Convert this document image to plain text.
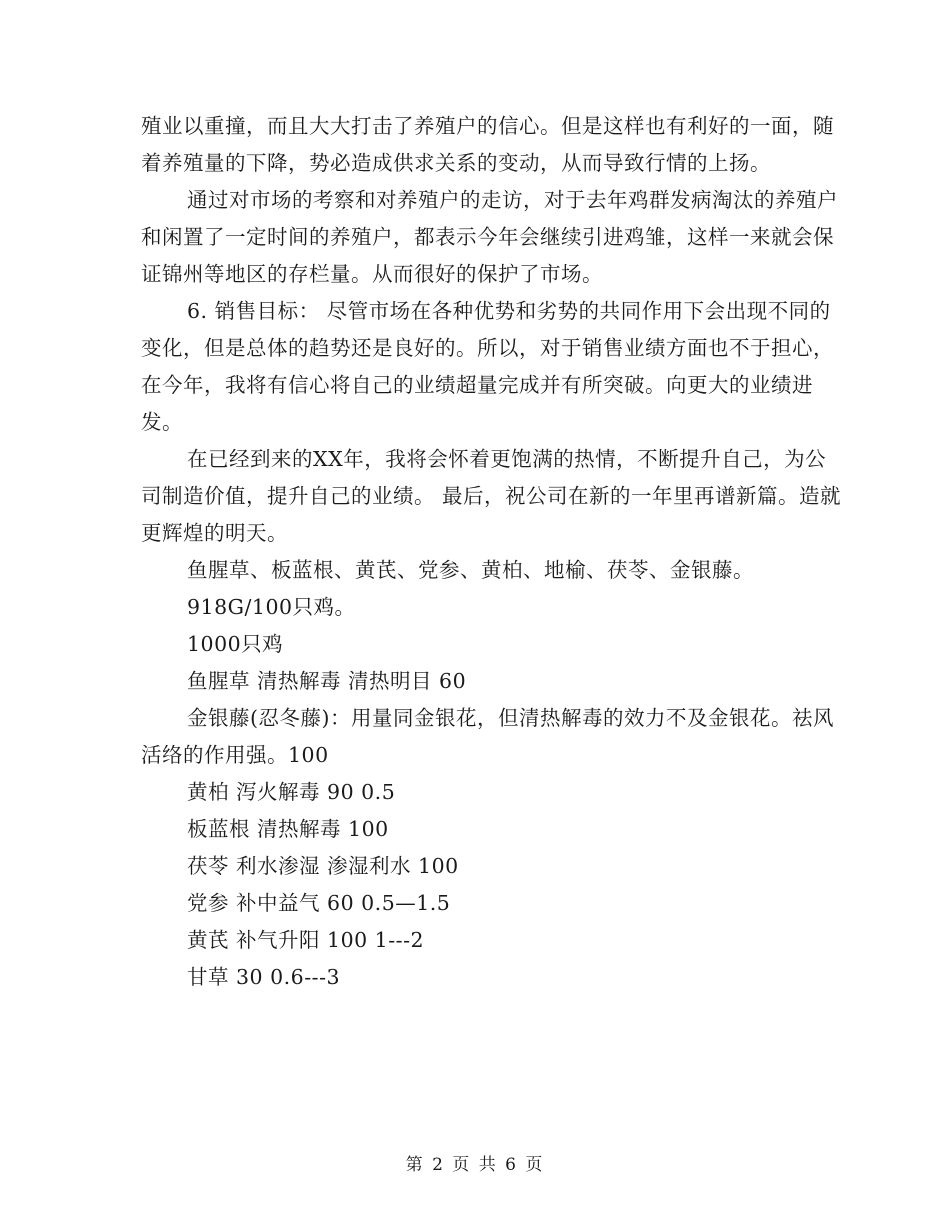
殖业以重撞，而且大大打击了养殖户的信心。但是这样也有利好的一面，随着养殖量的下降，势必造成供求关系的变动，从而导致行情的上扬。

通过对市场的考察和对养殖户的走访，对于去年鸡群发病淘汰的养殖户和闲置了一定时间的养殖户，都表示今年会继续引进鸡雏，这样一来就会保证锦州等地区的存栏量。从而很好的保护了市场。

6. 销售目标： 尽管市场在各种优势和劣势的共同作用下会出现不同的变化，但是总体的趋势还是良好的。所以，对于销售业绩方面也不于担心，在今年，我将有信心将自己的业绩超量完成并有所突破。向更大的业绩进发。

在已经到来的XX年，我将会怀着更饱满的热情，不断提升自己，为公司制造价值，提升自己的业绩。 最后，祝公司在新的一年里再谱新篇。造就更辉煌的明天。

鱼腥草、板蓝根、黄芪、党参、黄柏、地榆、茯苓、金银藤。

918G/100只鸡。

1000只鸡

鱼腥草 清热解毒 清热明目 60

金银藤(忍冬藤)：用量同金银花，但清热解毒的效力不及金银花。祛风活络的作用强。100

黄柏 泻火解毒 90 0.5

板蓝根 清热解毒 100

茯苓 利水渗湿 渗湿利水 100

党参 补中益气 60 0.5—1.5

黄芪 补气升阳 100 1---2

甘草 30 0.6---3

第 2 页 共 6 页
